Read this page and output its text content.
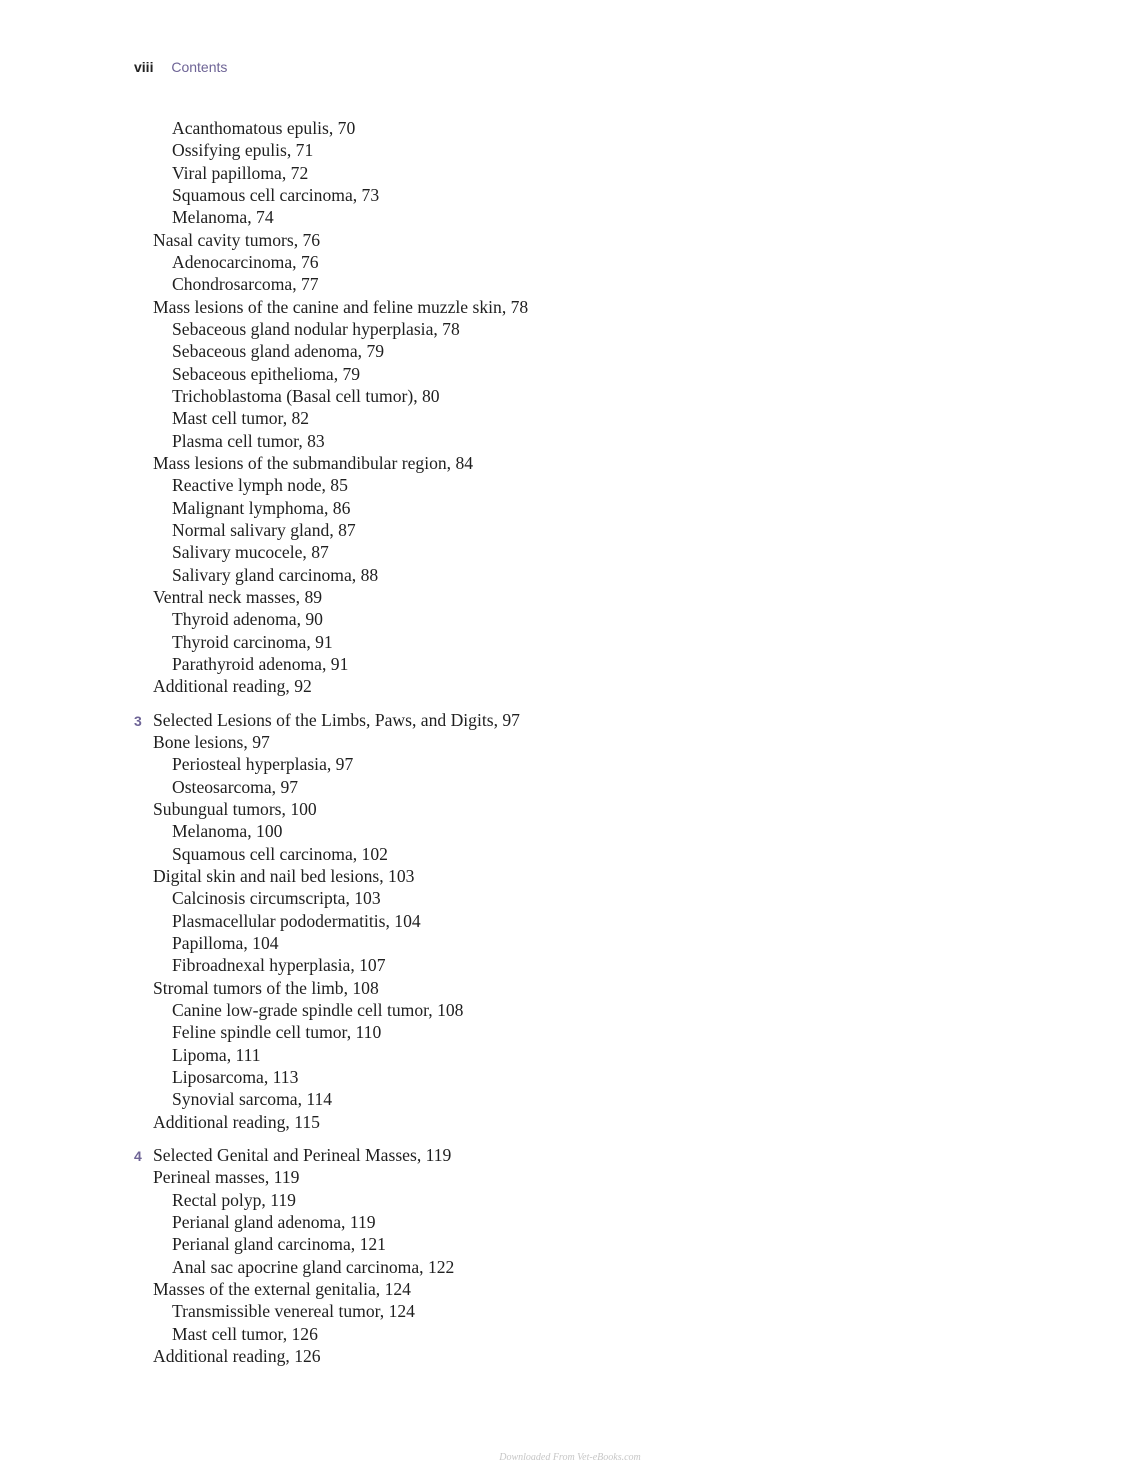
viii Contents
Acanthomatous epulis, 70
Ossifying epulis, 71
Viral papilloma, 72
Squamous cell carcinoma, 73
Melanoma, 74
Nasal cavity tumors, 76
Adenocarcinoma, 76
Chondrosarcoma, 77
Mass lesions of the canine and feline muzzle skin, 78
Sebaceous gland nodular hyperplasia, 78
Sebaceous gland adenoma, 79
Sebaceous epithelioma, 79
Trichoblastoma (Basal cell tumor), 80
Mast cell tumor, 82
Plasma cell tumor, 83
Mass lesions of the submandibular region, 84
Reactive lymph node, 85
Malignant lymphoma, 86
Normal salivary gland, 87
Salivary mucocele, 87
Salivary gland carcinoma, 88
Ventral neck masses, 89
Thyroid adenoma, 90
Thyroid carcinoma, 91
Parathyroid adenoma, 91
Additional reading, 92
3 Selected Lesions of the Limbs, Paws, and Digits, 97
Bone lesions, 97
Periosteal hyperplasia, 97
Osteosarcoma, 97
Subungual tumors, 100
Melanoma, 100
Squamous cell carcinoma, 102
Digital skin and nail bed lesions, 103
Calcinosis circumscripta, 103
Plasmacellular pododermatitis, 104
Papilloma, 104
Fibroadnexal hyperplasia, 107
Stromal tumors of the limb, 108
Canine low-grade spindle cell tumor, 108
Feline spindle cell tumor, 110
Lipoma, 111
Liposarcoma, 113
Synovial sarcoma, 114
Additional reading, 115
4 Selected Genital and Perineal Masses, 119
Perineal masses, 119
Rectal polyp, 119
Perianal gland adenoma, 119
Perianal gland carcinoma, 121
Anal sac apocrine gland carcinoma, 122
Masses of the external genitalia, 124
Transmissible venereal tumor, 124
Mast cell tumor, 126
Additional reading, 126
Downloaded From Vet-eBooks.com
